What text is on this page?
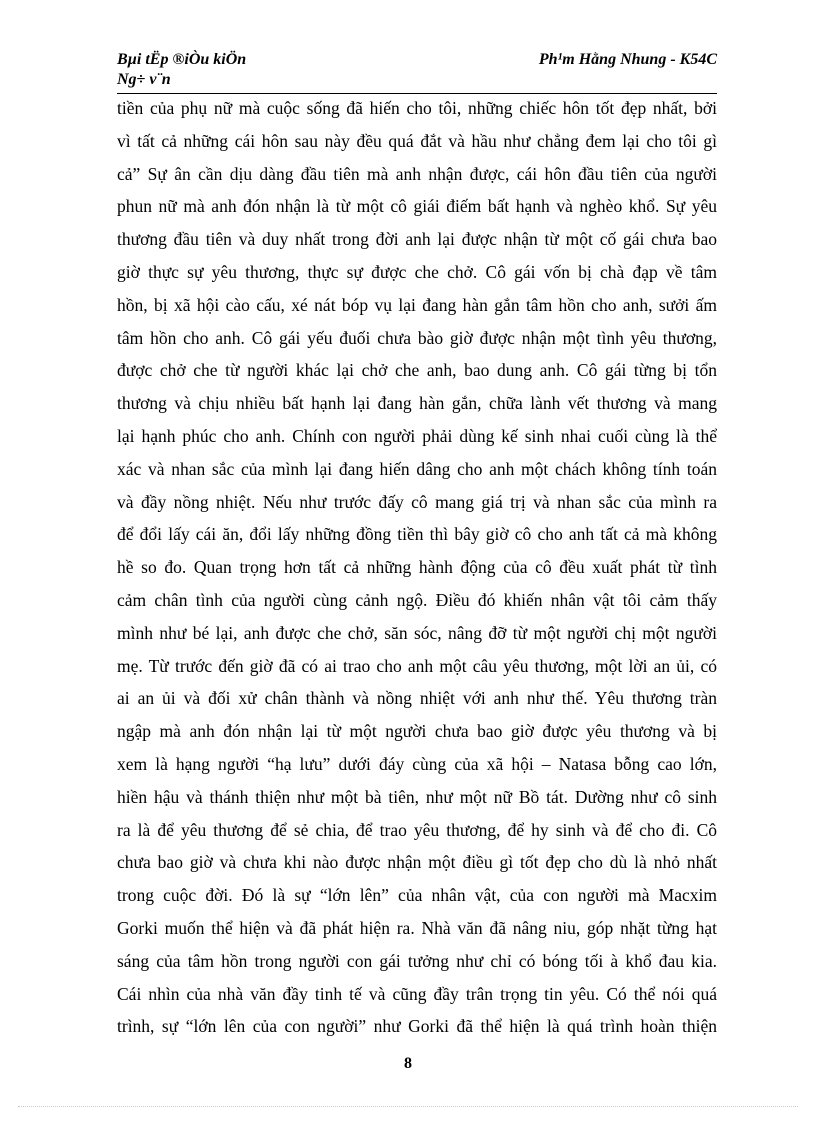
Bµi tËp ®iÒu kiÖn
Ng÷ v¨n
Ph¹m Hằng Nhung - K54C
tiền của phụ nữ mà cuộc sống đã hiến cho tôi, những chiếc hôn tốt đẹp nhất, bởi
vì tất cả những cái hôn sau này đều quá đắt và hầu như chẳng đem lại cho tôi gì
cả” Sự ân cần dịu dàng đầu tiên mà anh nhận được, cái hôn đầu tiên của người
phun nữ mà anh đón nhận là từ một cô giái điếm bất hạnh và nghèo khổ. Sự yêu
thương đầu tiên và duy nhất trong đời anh lại được nhận từ một cố gái chưa bao
giờ thực sự yêu thương, thực sự được che chở. Cô gái vốn bị chà đạp về tâm
hồn, bị xã hội cào cấu, xé nát bóp vụ lại đang hàn gắn tâm hồn cho anh, sưởi ấm
tâm hồn cho anh. Cô gái yếu đuối chưa bào giờ được nhận một tình yêu thương,
được chở che từ người khác lại chở che anh, bao dung anh. Cô gái từng bị tổn
thương và chịu nhiều bất hạnh lại đang hàn gắn, chữa lành vết thương và mang
lại hạnh phúc cho anh. Chính con người phải dùng kế sinh nhai cuối cùng là thể
xác và nhan sắc của mình lại đang hiến dâng cho anh một chách không tính toán
và đầy nồng nhiệt. Nếu như trước đấy cô mang giá trị và nhan sắc của mình ra
để đổi lấy cái ăn, đổi lấy những đồng tiền thì bây giờ cô cho anh tất cả mà không
hề so đo. Quan trọng hơn tất cả những hành động của cô đều xuất phát từ tình
cảm chân tình của người cùng cảnh ngộ. Điều đó khiến nhân vật tôi cảm thấy
mình như bé lại, anh được che chở, săn sóc, nâng đỡ từ một người chị một người
mẹ. Từ trước đến giờ đã có ai trao cho anh một câu yêu thương, một lời an ủi, có
ai an ủi và đối xử chân thành và nồng nhiệt với anh như thế. Yêu thương tràn
ngập mà anh đón nhận lại từ một người chưa bao giờ được yêu thương và bị
xem là hạng người “hạ lưu” dưới đáy cùng của xã hội – Natasa bỗng cao lớn,
hiền hậu và thánh thiện như một bà tiên, như một nữ Bồ tát. Dường như cô sinh
ra là để yêu thương để sẻ chia, để trao yêu thương, để hy sinh và để cho đi. Cô
chưa bao giờ và chưa khi nào được nhận một điều gì tốt đẹp cho dù là nhỏ nhất
trong cuộc đời. Đó là sự “lớn lên” của nhân vật, của con người mà Macxim
Gorki muốn thể hiện và đã phát hiện ra. Nhà văn đã nâng niu, góp nhặt từng hạt
sáng của tâm hồn trong người con gái tưởng như chỉ có bóng tối à khổ đau kia.
Cái nhìn của nhà văn đầy tinh tế và cũng đầy trân trọng tin yêu. Có thể nói quá
trình, sự “lớn lên của con người” như Gorki đã thể hiện là quá trình hoàn thiện
8
